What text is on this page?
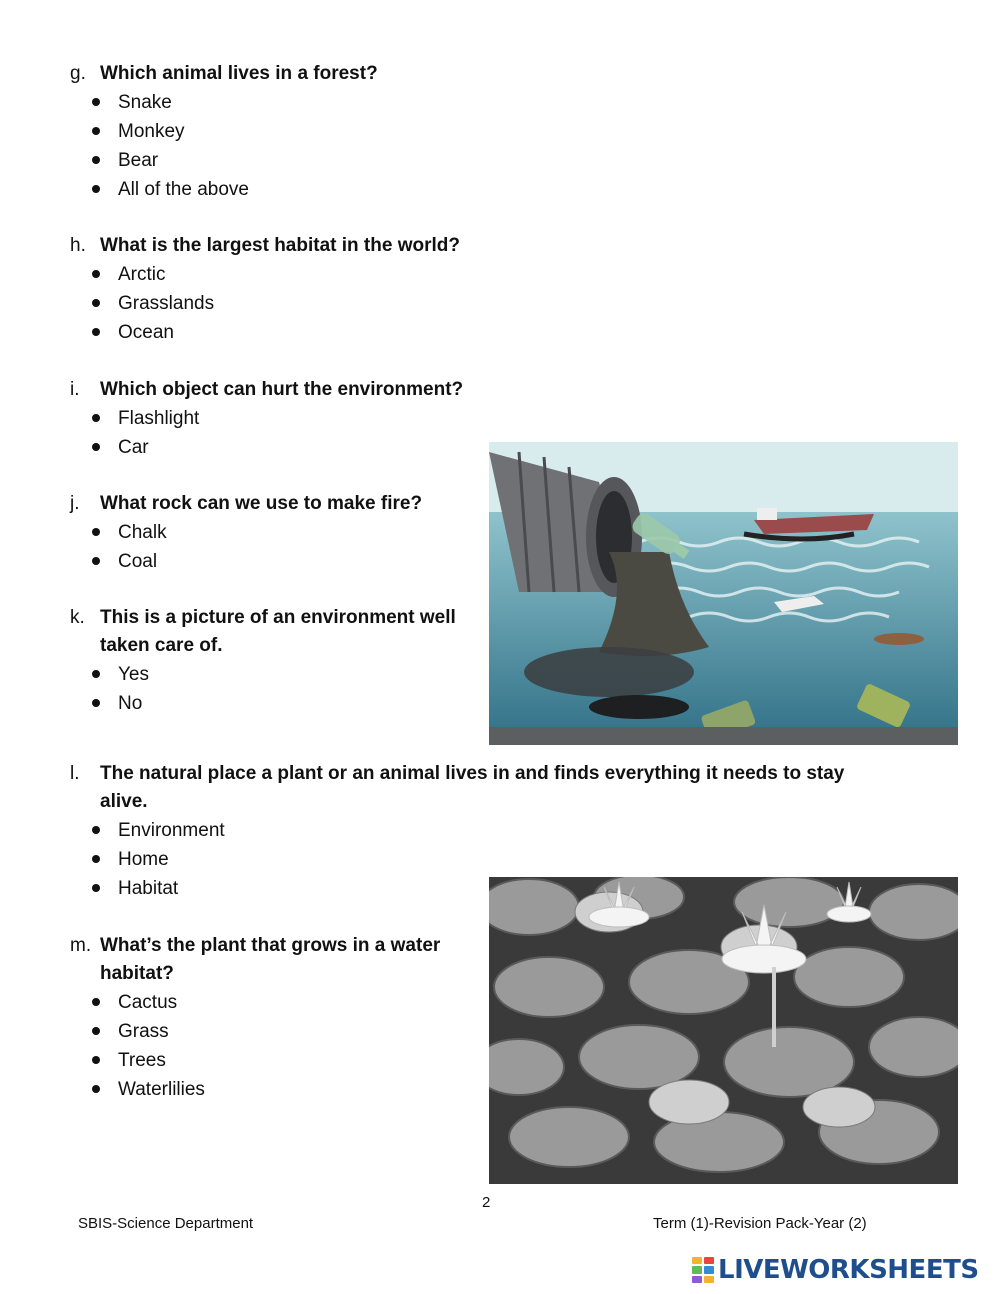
g. Which animal lives in a forest?
Snake
Monkey
Bear
All of the above
h. What is the largest habitat in the world?
Arctic
Grasslands
Ocean
i.	Which object can hurt the environment?
Flashlight
Car
j.	What rock can we use to make fire?
Chalk
Coal
k. This is a picture of an environment well taken care of.
Yes
No
l.	The natural place a plant or an animal lives in and finds everything it needs to stay alive.
Environment
Home
Habitat
m. What’s the plant that grows in a water habitat?
Cactus
Grass
Trees
Waterlilies
2
SBIS-Science Department	Term (1)-Revision Pack-Year (2)
LIVEWORKSHEETS
